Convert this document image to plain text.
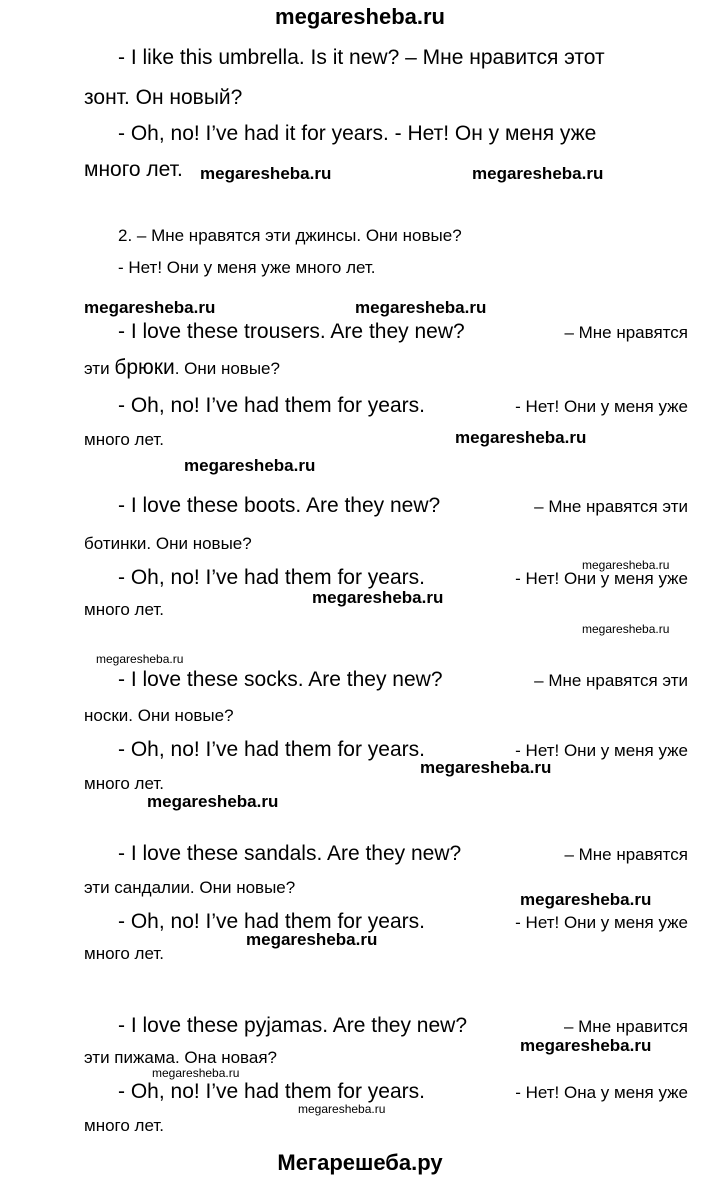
megaresheba.ru
- I like this umbrella. Is it new? – Мне нравится этот
зонт. Он новый?
- Oh, no! I’ve had it for years. - Нет! Он у меня уже
много лет. megaresheba.ru	megaresheba.ru
2. – Мне нравятся эти джинсы. Они новые?
- Нет! Они у меня уже много лет.
megaresheba.ru	megaresheba.ru
- I love these trousers. Are they new?	– Мне нравятся
эти брюки. Они новые?
- Oh, no! I’ve had them for years.	- Нет! Они у меня уже
много лет.	megaresheba.ru
megaresheba.ru
- I love these boots. Are they new?	– Мне нравятся эти
ботинки. Они новые?
megaresheba.ru
- Oh, no! I’ve had them for years.	- Нет! Они у меня уже
много лет.
megaresheba.ru
megaresheba.ru
megaresheba.ru
- I love these socks. Are they new?	– Мне нравятся эти
носки. Они новые?
- Oh, no! I’ve had them for years.	- Нет! Они у меня уже
много лет.
megaresheba.ru
megaresheba.ru
- I love these sandals. Are they new?	– Мне нравятся
эти сандалии. Они новые?
megaresheba.ru
- Oh, no! I’ve had them for years.	- Нет! Они у меня уже
megaresheba.ru
много лет.
- I love these pyjamas. Are they new?	– Мне нравится
эти пижама. Она новая?
megaresheba.ru
megaresheba.ru
- Oh, no! I’ve had them for years.	- Нет! Она у меня уже
megaresheba.ru
много лет.
Мегарешеба.ру
